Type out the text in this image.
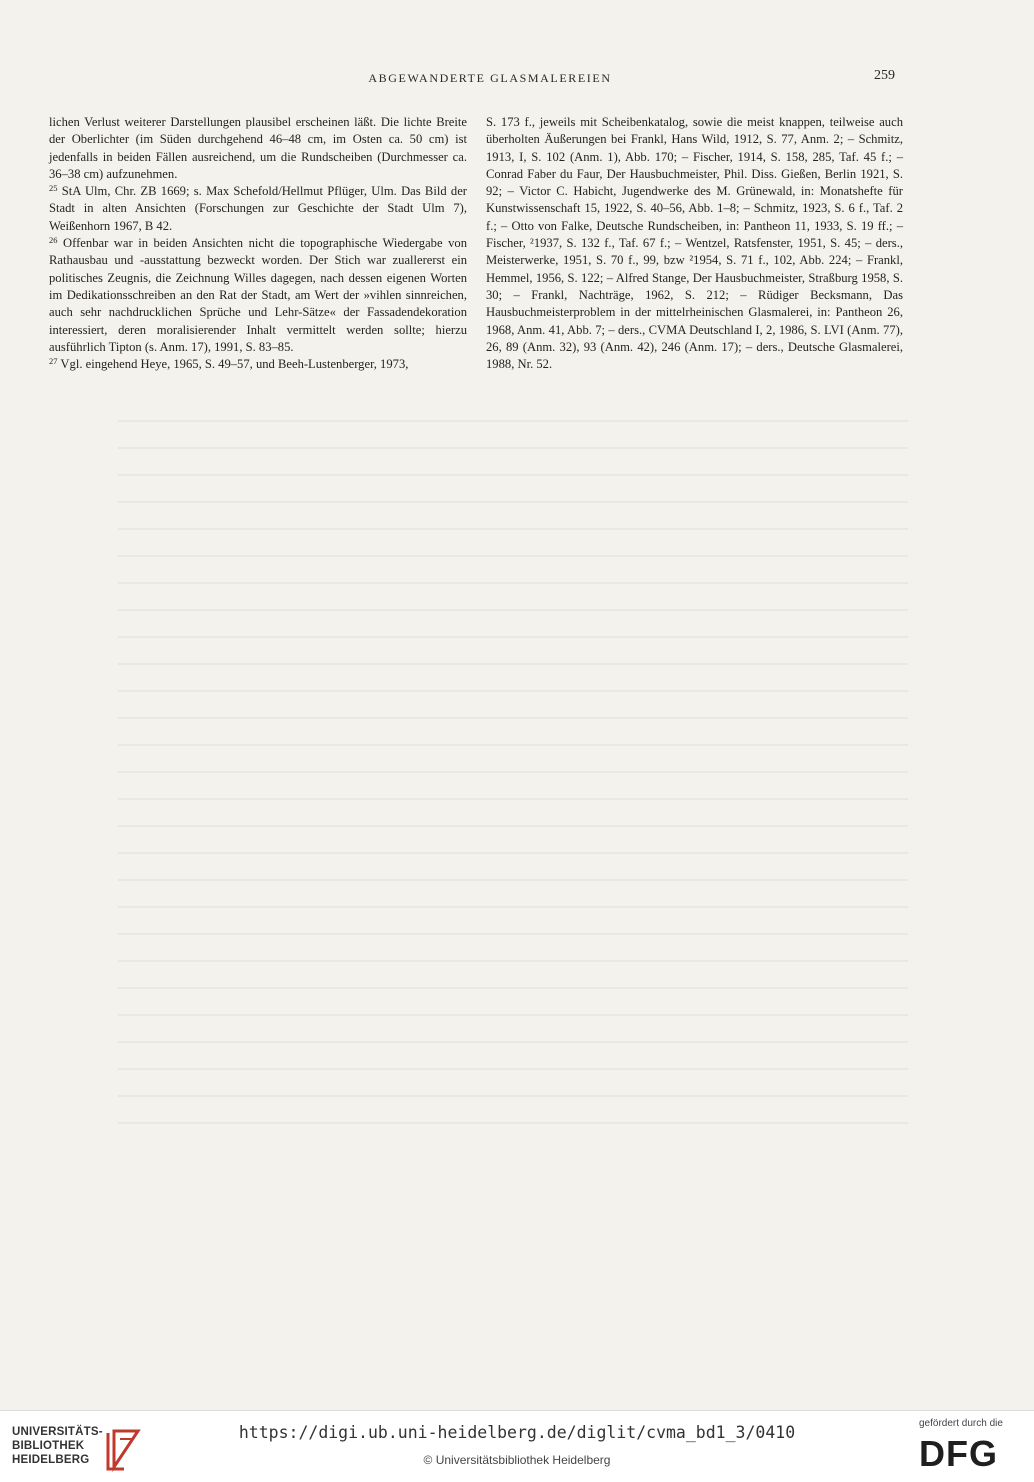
ABGEWANDERTE GLASMALEREIEN	259

lichen Verlust weiterer Darstellungen plausibel erscheinen läßt. Die lichte Breite der Oberlichter (im Süden durchgehend 46–48 cm, im Osten ca. 50 cm) ist jedenfalls in beiden Fällen ausreichend, um die Rundscheiben (Durchmesser ca. 36–38 cm) aufzunehmen.

$^{25}$ StA Ulm, Chr. ZB 1669; s. Max Schefold/Hellmut Pflüger, Ulm. Das Bild der Stadt in alten Ansichten (Forschungen zur Geschichte der Stadt Ulm 7), Weißenhorn 1967, B 42.

$^{26}$ Offenbar war in beiden Ansichten nicht die topographische Wiedergabe von Rathausbau und -ausstattung bezweckt worden. Der Stich war zuallererst ein politisches Zeugnis, die Zeichnung Willes dagegen, nach dessen eigenen Worten im Dedikationsschreiben an den Rat der Stadt, am Wert der »vihlen sinnreichen, auch sehr nachdrucklichen Sprüche und Lehr-Sätze« der Fassadendekoration interessiert, deren moralisierender Inhalt vermittelt werden sollte; hierzu ausführlich Tipton (s. Anm. 17), 1991, S. 83–85.

$^{27}$ Vgl. eingehend Heye, 1965, S. 49–57, und Beeh-Lustenberger, 1973,

S. 173 f., jeweils mit Scheibenkatalog, sowie die meist knappen, teilweise auch überholten Äußerungen bei Frankl, Hans Wild, 1912, S. 77, Anm. 2; – Schmitz, 1913, I, S. 102 (Anm. 1), Abb. 170; – Fischer, 1914, S. 158, 285, Taf. 45 f.; – Conrad Faber du Faur, Der Hausbuchmeister, Phil. Diss. Gießen, Berlin 1921, S. 92; – Victor C. Habicht, Jugendwerke des M. Grünewald, in: Monatshefte für Kunstwissenschaft 15, 1922, S. 40–56, Abb. 1–8; – Schmitz, 1923, S. 6 f., Taf. 2 f.; – Otto von Falke, Deutsche Rundscheiben, in: Pantheon 11, 1933, S. 19 ff.; – Fischer, ²1937, S. 132 f., Taf. 67 f.; – Wentzel, Ratsfenster, 1951, S. 45; – ders., Meisterwerke, 1951, S. 70 f., 99, bzw ²1954, S. 71 f., 102, Abb. 224; – Frankl, Hemmel, 1956, S. 122; – Alfred Stange, Der Hausbuchmeister, Straßburg 1958, S. 30; – Frankl, Nachträge, 1962, S. 212; – Rüdiger Becksmann, Das Hausbuchmeisterproblem in der mittelrheinischen Glasmalerei, in: Pantheon 26, 1968, Anm. 41, Abb. 7; – ders., CVMA Deutschland I, 2, 1986, S. LVI (Anm. 77), 26, 89 (Anm. 32), 93 (Anm. 42), 246 (Anm. 17); – ders., Deutsche Glasmalerei, 1988, Nr. 52.

UNIVERSITÄTS-
BIBLIOTHEK
HEIDELBERG
https://digi.ub.uni-heidelberg.de/diglit/cvma_bd1_3/0410
© Universitätsbibliothek Heidelberg
gefördert durch die
DFG
